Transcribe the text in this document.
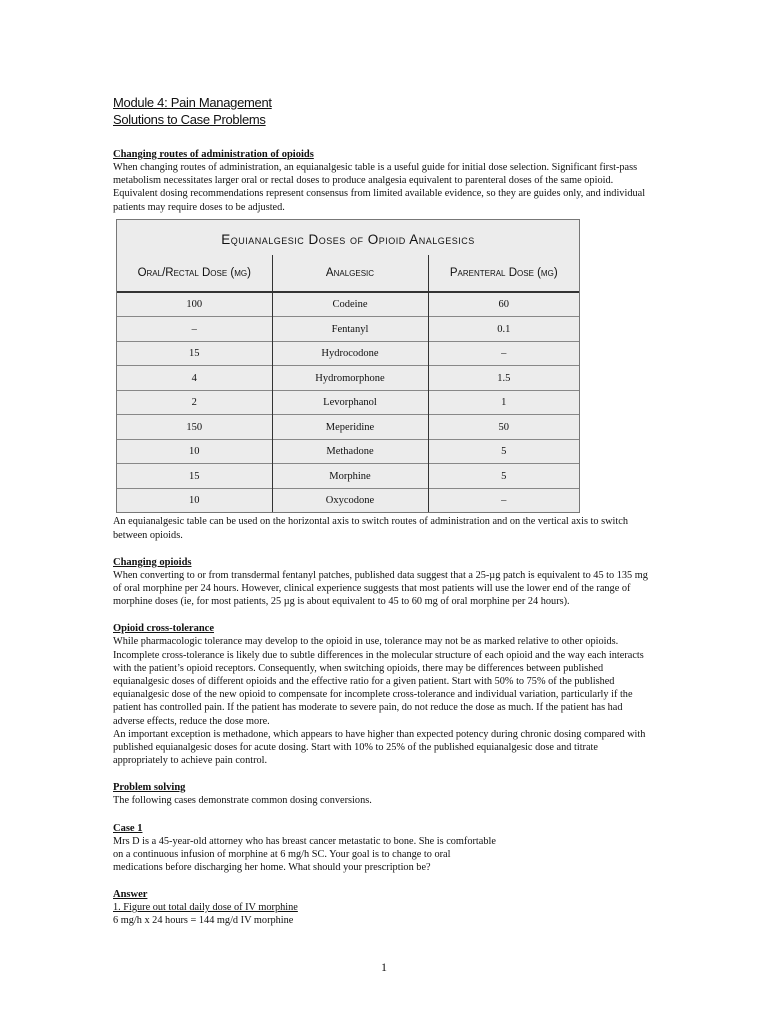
Module 4: Pain Management
Solutions to Case Problems
Changing routes of administration of opioids

When changing routes of administration, an equianalgesic table is a useful guide for initial dose selection. Significant first-pass metabolism necessitates larger oral or rectal doses to produce analgesia equivalent to parenteral doses of the same opioid. Equivalent dosing recommendations represent consensus from limited available evidence, so they are guides only, and individual patients may require doses to be adjusted.

Equianalgesic Doses of Opioid Analgesics
Oral/Rectal Dose (mg)	Analgesic	Parenteral Dose (mg)
100	Codeine	60
–	Fentanyl	0.1
15	Hydrocodone	–
4	Hydromorphone	1.5
2	Levorphanol	1
150	Meperidine	50
10	Methadone	5
15	Morphine	5
10	Oxycodone	–

An equianalgesic table can be used on the horizontal axis to switch routes of administration and on the vertical axis to switch between opioids.

Changing opioids

When converting to or from transdermal fentanyl patches, published data suggest that a 25-µg patch is equivalent to 45 to 135 mg of oral morphine per 24 hours. However, clinical experience suggests that most patients will use the lower end of the range of morphine doses (ie, for most patients, 25 µg is about equivalent to 45 to 60 mg of oral morphine per 24 hours).

Opioid cross-tolerance

While pharmacologic tolerance may develop to the opioid in use, tolerance may not be as marked relative to other opioids. Incomplete cross-tolerance is likely due to subtle differences in the molecular structure of each opioid and the way each interacts with the patient’s opioid receptors. Consequently, when switching opioids, there may be differences between published equianalgesic doses of different opioids and the effective ratio for a given patient. Start with 50% to 75% of the published equianalgesic dose of the new opioid to compensate for incomplete cross-tolerance and individual variation, particularly if the patient has controlled pain. If the patient has moderate to severe pain, do not reduce the dose as much. If the patient has had adverse effects, reduce the dose more.

An important exception is methadone, which appears to have higher than expected potency during chronic dosing compared with published equianalgesic doses for acute dosing. Start with 10% to 25% of the published equianalgesic dose and titrate appropriately to achieve pain control.

Problem solving

The following cases demonstrate common dosing conversions.

Case 1

Mrs D is a 45-year-old attorney who has breast cancer metastatic to bone. She is comfortable

on a continuous infusion of morphine at 6 mg/h SC. Your goal is to change to oral

medications before discharging her home. What should your prescription be?

Answer

1. Figure out total daily dose of IV morphine

6 mg/h x 24 hours = 144 mg/d IV morphine

1
